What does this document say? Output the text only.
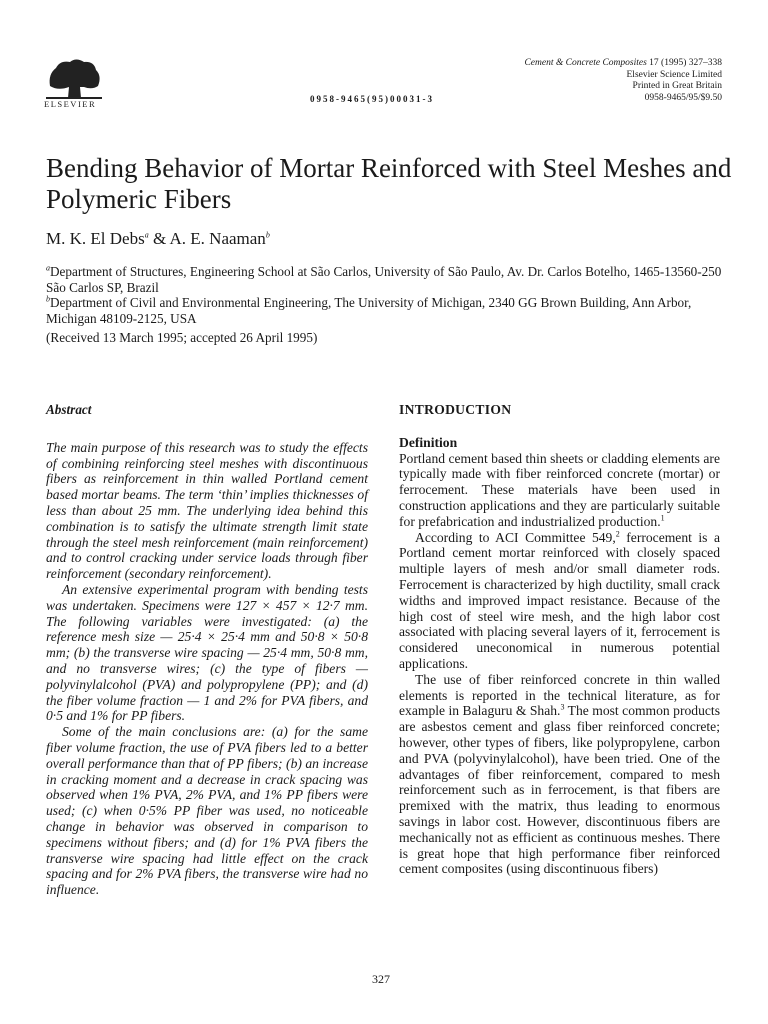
ELSEVIER	0958-9465(95)00031-3
Cement & Concrete Composites 17 (1995) 327–338
Elsevier Science Limited
Printed in Great Britain
0958-9465/95/$9.50
Bending Behavior of Mortar Reinforced with Steel Meshes and Polymeric Fibers
M. K. El Debs$^a$ & A. E. Naaman$^b$

$^a$Department of Structures, Engineering School at São Carlos, University of São Paulo, Av. Dr. Carlos Botelho, 1465-13560-250 São Carlos SP, Brazil

$^b$Department of Civil and Environmental Engineering, The University of Michigan, 2340 GG Brown Building, Ann Arbor, Michigan 48109-2125, USA

(Received 13 March 1995; accepted 26 April 1995)

Abstract

The main purpose of this research was to study the effects of combining reinforcing steel meshes with discontinuous fibers as reinforcement in thin walled Portland cement based mortar beams. The term ‘thin’ implies thicknesses of less than about 25 mm. The underlying idea behind this combination is to satisfy the ultimate strength limit state through the steel mesh reinforcement (main reinforcement) and to control cracking under service loads through fiber reinforcement (secondary reinforcement).

An extensive experimental program with bending tests was undertaken. Specimens were 127 × 457 × 12·7 mm. The following variables were investigated: (a) the reference mesh size — 25·4 × 25·4 mm and 50·8 × 50·8 mm; (b) the transverse wire spacing — 25·4 mm, 50·8 mm, and no transverse wires; (c) the type of fibers — polyvinylalcohol (PVA) and polypropylene (PP); and (d) the fiber volume fraction — 1 and 2% for PVA fibers, and 0·5 and 1% for PP fibers.

Some of the main conclusions are: (a) for the same fiber volume fraction, the use of PVA fibers led to a better overall performance than that of PP fibers; (b) an increase in cracking moment and a decrease in crack spacing was observed when 1% PVA, 2% PVA, and 1% PP fibers were used; (c) when 0·5% PP fiber was used, no noticeable change in behavior was observed in comparison to specimens without fibers; and (d) for 1% PVA fibers the transverse wire spacing had little effect on the crack spacing and for 2% PVA fibers, the transverse wire had no influence.

INTRODUCTION

Definition

Portland cement based thin sheets or cladding elements are typically made with fiber reinforced concrete (mortar) or ferrocement. These materials have been used in construction applications and they are particularly suitable for prefabrication and industrialized production.$^1$

According to ACI Committee 549,$^2$ ferrocement is a Portland cement mortar reinforced with closely spaced multiple layers of mesh and/or small diameter rods. Ferrocement is characterized by high ductility, small crack widths and improved impact resistance. Because of the high cost of steel wire mesh, and the high labor cost associated with placing several layers of it, ferrocement is considered uneconomical in numerous potential applications.

The use of fiber reinforced concrete in thin walled elements is reported in the technical literature, as for example in Balaguru & Shah.$^3$ The most common products are asbestos cement and glass fiber reinforced concrete; however, other types of fibers, like polypropylene, carbon and PVA (polyvinylalcohol), have been tried. One of the advantages of fiber reinforcement, compared to mesh reinforcement such as in ferrocement, is that fibers are premixed with the matrix, thus leading to enormous savings in labor cost. However, discontinuous fibers are mechanically not as efficient as continuous meshes. There is great hope that high performance fiber reinforced cement composites (using discontinuous fibers)

327
